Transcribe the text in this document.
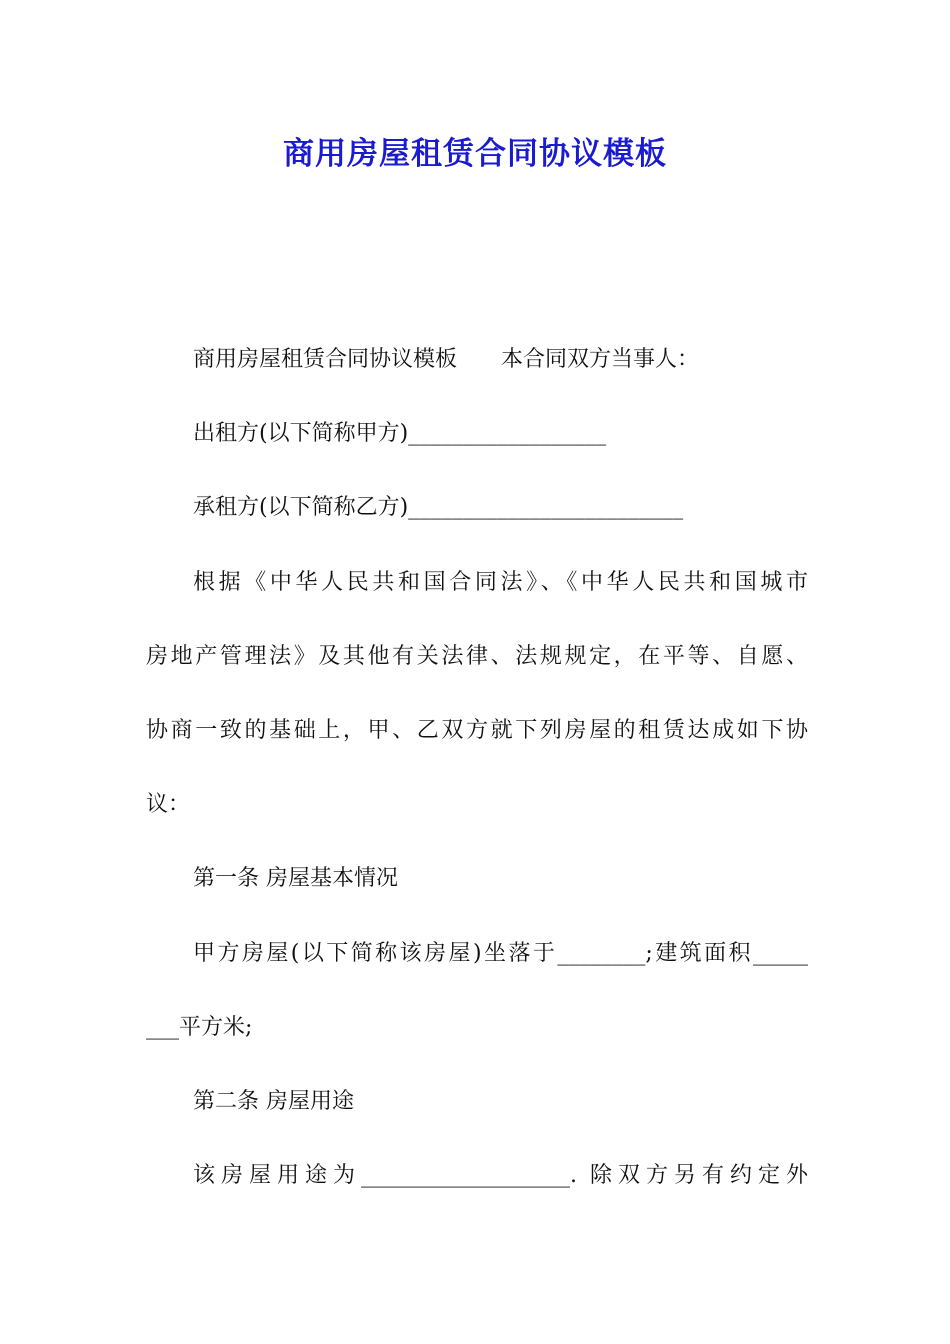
商用房屋租赁合同协议模板

商用房屋租赁合同协议模板　　本合同双方当事人：

出租方(以下简称甲方)__________________

承租方(以下简称乙方)_________________________

根据《中华人民共和国合同法》、《中华人民共和国城市

房地产管理法》及其他有关法律、法规规定，在平等、自愿、

协商一致的基础上，甲、乙双方就下列房屋的租赁达成如下协

议：

第一条 房屋基本情况

甲方房屋(以下简称该房屋)坐落于________;建筑面积_____

___平方米;

第二条 房屋用途

该房屋用途为___________________. 除双方另有约定外
